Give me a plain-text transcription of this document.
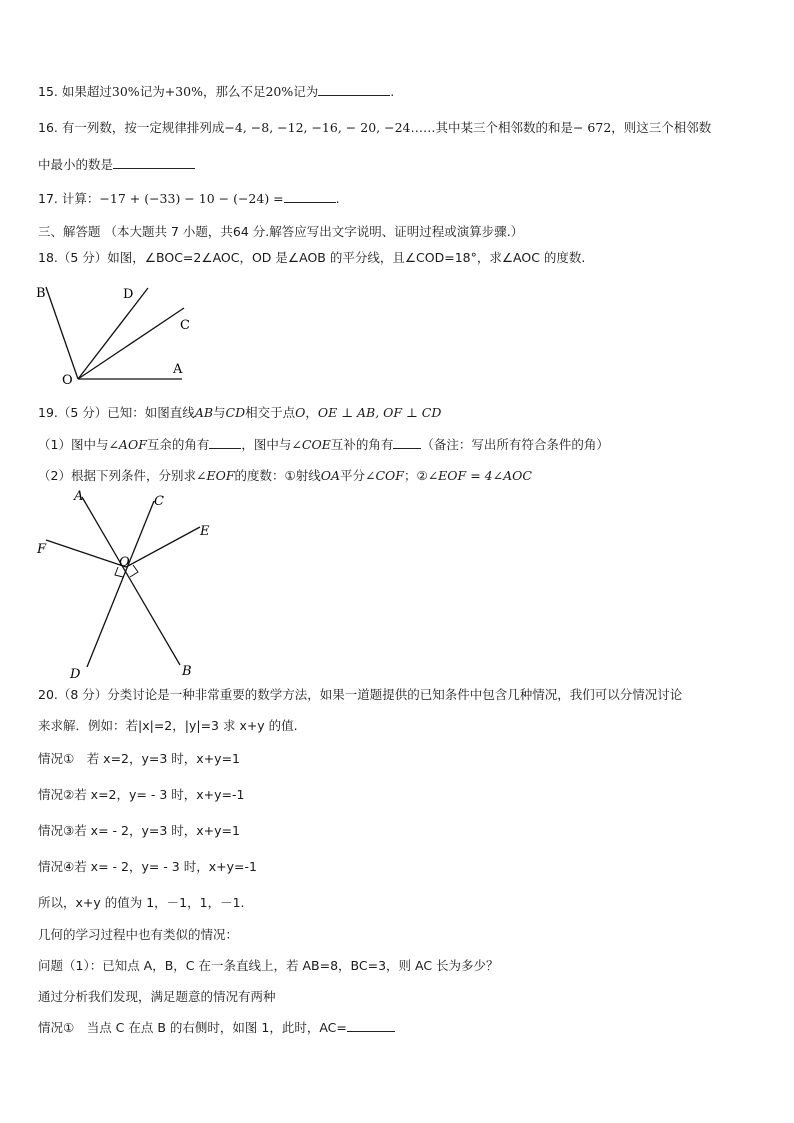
15. 如果超过30%记为+30%，那么不足20%记为	.
16. 有一列数，按一定规律排列成−4, −8, −12, −16, − 20, −24……其中某三个相邻数的和是− 672，则这三个相邻数
中最小的数是
17. 计算：−17 + (−33) − 10 − (−24) =	.
三、解答题 （本大题共 7 小题，共64 分.解答应写出文字说明、证明过程或演算步骤.）
18.（5 分）如图，∠BOC=2∠AOC，OD 是∠AOB 的平分线，且∠COD=18°，求∠AOC 的度数.
B	D
C
A
O
19.（5 分）已知：如图直线AB与CD相交于点O，OE ⊥ AB, OF ⊥ CD
（1）图中与∠AOF互余的角有	，图中与∠COE互补的角有 （备注：写出所有符合条件的角）
（2）根据下列条件，分别求∠EOF的度数：①射线OA平分∠COF；②∠EOF = 4∠AOC
A	C
E
F
O
D	B
20.（8 分）分类讨论是一种非常重要的数学方法，如果一道题提供的已知条件中包含几种情况，我们可以分情况讨论
来求解．例如：若|x|=2，|y|=3 求 x+y 的值.
情况①　若 x=2，y=3 时，x+y=1
情况②若 x=2，y= - 3 时，x+y=-1
情况③若 x= - 2，y=3 时，x+y=1
情况④若 x= - 2，y= - 3 时，x+y=-1
所以，x+y 的值为 1，－1，1，－1.
几何的学习过程中也有类似的情况：
问题（1）：已知点 A，B，C 在一条直线上，若 AB=8，BC=3，则 AC 长为多少？
通过分析我们发现，满足题意的情况有两种
情况①　当点 C 在点 B 的右侧时，如图 1，此时，AC=
